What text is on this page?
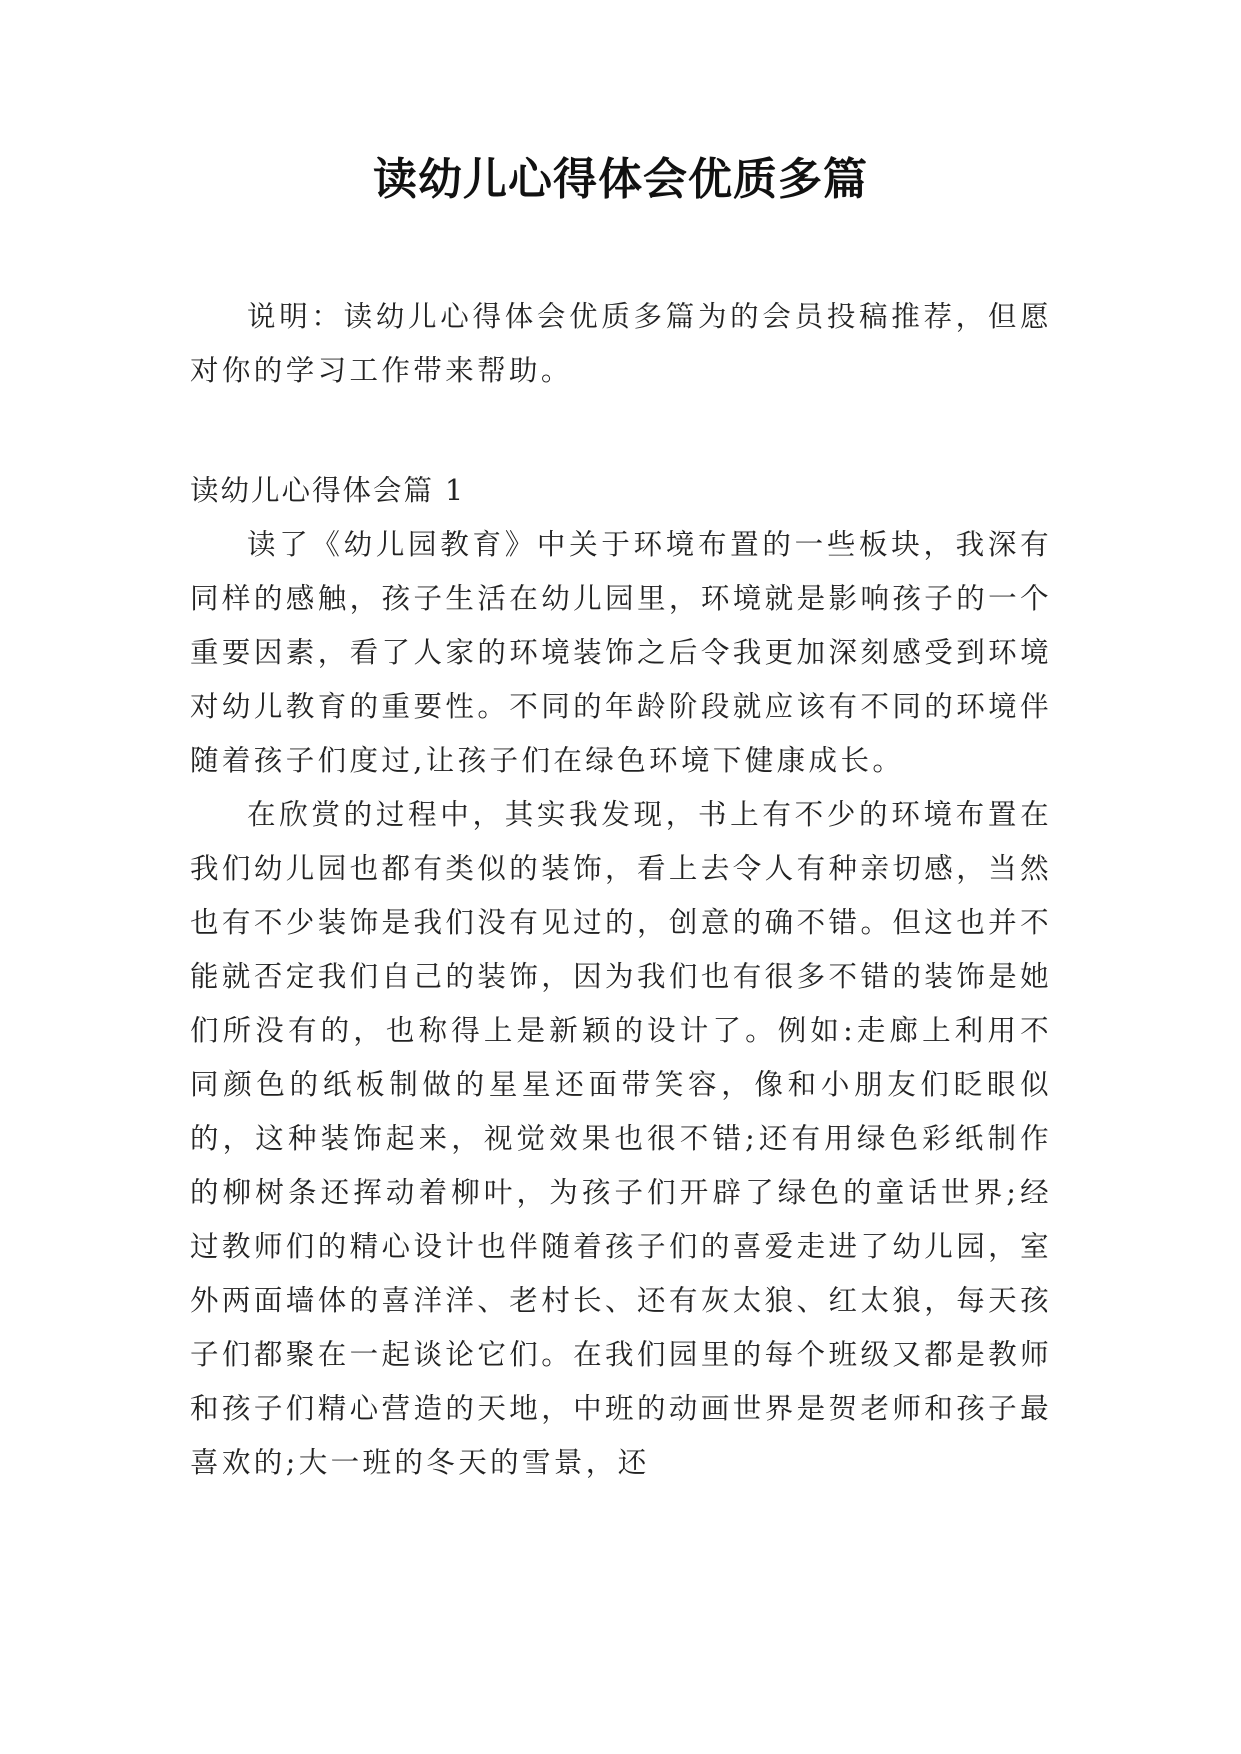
读幼儿心得体会优质多篇

说明：读幼儿心得体会优质多篇为的会员投稿推荐，但愿对你的学习工作带来帮助。

读幼儿心得体会篇 1

读了《幼儿园教育》中关于环境布置的一些板块，我深有同样的感触，孩子生活在幼儿园里，环境就是影响孩子的一个重要因素，看了人家的环境装饰之后令我更加深刻感受到环境对幼儿教育的重要性。不同的年龄阶段就应该有不同的环境伴随着孩子们度过,让孩子们在绿色环境下健康成长。

在欣赏的过程中，其实我发现，书上有不少的环境布置在我们幼儿园也都有类似的装饰，看上去令人有种亲切感，当然也有不少装饰是我们没有见过的，创意的确不错。但这也并不能就否定我们自己的装饰，因为我们也有很多不错的装饰是她们所没有的，也称得上是新颖的设计了。例如:走廊上利用不同颜色的纸板制做的星星还面带笑容，像和小朋友们眨眼似的，这种装饰起来，视觉效果也很不错;还有用绿色彩纸制作的柳树条还挥动着柳叶，为孩子们开辟了绿色的童话世界;经过教师们的精心设计也伴随着孩子们的喜爱走进了幼儿园，室外两面墙体的喜洋洋、老村长、还有灰太狼、红太狼，每天孩子们都聚在一起谈论它们。在我们园里的每个班级又都是教师和孩子们精心营造的天地，中班的动画世界是贺老师和孩子最喜欢的;大一班的冬天的雪景，还
